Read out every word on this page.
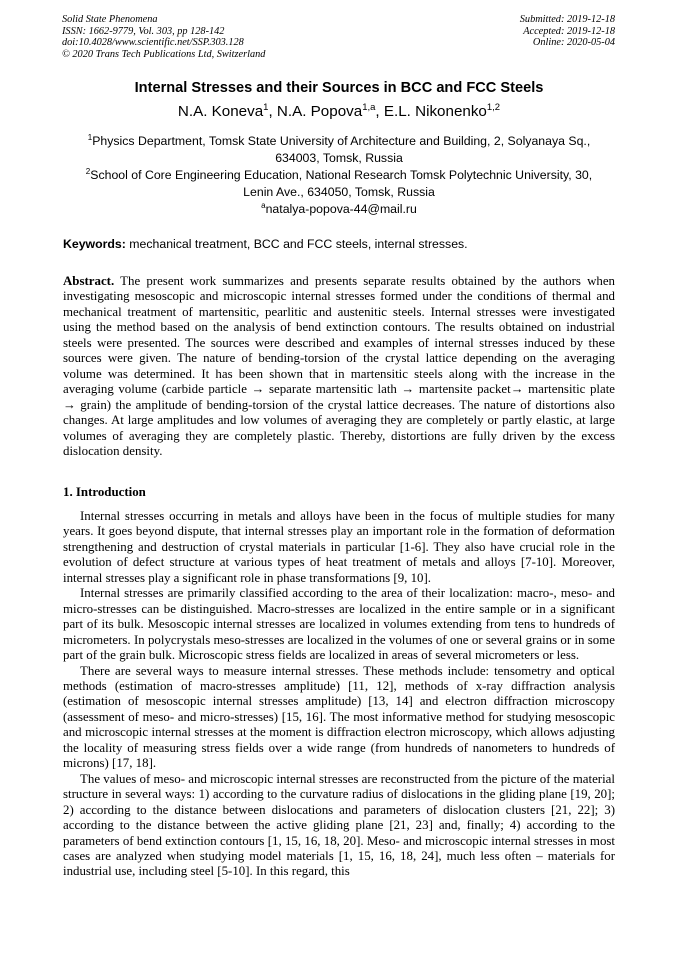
Solid State Phenomena
ISSN: 1662-9779, Vol. 303, pp 128-142
doi:10.4028/www.scientific.net/SSP.303.128
© 2020 Trans Tech Publications Ltd, Switzerland
Submitted: 2019-12-18
Accepted: 2019-12-18
Online: 2020-05-04
Internal Stresses and their Sources in BCC and FCC Steels
N.A. Koneva$^1$, N.A. Popova$^{1,a}$, E.L. Nikonenko$^{1,2}$
$^1$Physics Department, Tomsk State University of Architecture and Building, 2, Solyanaya Sq., 634003, Tomsk, Russia
$^2$School of Core Engineering Education, National Research Tomsk Polytechnic University, 30, Lenin Ave., 634050, Tomsk, Russia
$^a$natalya-popova-44@mail.ru
Keywords: mechanical treatment, BCC and FCC steels, internal stresses.
Abstract. The present work summarizes and presents separate results obtained by the authors when investigating mesoscopic and microscopic internal stresses formed under the conditions of thermal and mechanical treatment of martensitic, pearlitic and austenitic steels. Internal stresses were investigated using the method based on the analysis of bend extinction contours. The results obtained on industrial steels were presented. The sources were described and examples of internal stresses induced by these sources were given. The nature of bending-torsion of the crystal lattice depending on the averaging volume was determined. It has been shown that in martensitic steels along with the increase in the averaging volume (carbide particle → separate martensitic lath → martensite packet→ martensitic plate → grain) the amplitude of bending-torsion of the crystal lattice decreases. The nature of distortions also changes. At large amplitudes and low volumes of averaging they are completely or partly elastic, at large volumes of averaging they are completely plastic. Thereby, distortions are fully driven by the excess dislocation density.
1. Introduction

Internal stresses occurring in metals and alloys have been in the focus of multiple studies for many years. It goes beyond dispute, that internal stresses play an important role in the formation of deformation strengthening and destruction of crystal materials in particular [1-6]. They also have crucial role in the evolution of defect structure at various types of heat treatment of metals and alloys [7-10]. Moreover, internal stresses play a significant role in phase transformations [9, 10].

Internal stresses are primarily classified according to the area of their localization: macro-, meso- and micro-stresses can be distinguished. Macro-stresses are localized in the entire sample or in a significant part of its bulk. Mesoscopic internal stresses are localized in volumes extending from tens to hundreds of micrometers. In polycrystals meso-stresses are localized in the volumes of one or several grains or in some part of the grain bulk. Microscopic stress fields are localized in areas of several micrometers or less.

There are several ways to measure internal stresses. These methods include: tensometry and optical methods (estimation of macro-stresses amplitude) [11, 12], methods of x-ray diffraction analysis (estimation of mesoscopic internal stresses amplitude) [13, 14] and electron diffraction microscopy (assessment of meso- and micro-stresses) [15, 16]. The most informative method for studying mesoscopic and microscopic internal stresses at the moment is diffraction electron microscopy, which allows adjusting the locality of measuring stress fields over a wide range (from hundreds of nanometers to hundreds of microns) [17, 18].

The values of meso- and microscopic internal stresses are reconstructed from the picture of the material structure in several ways: 1) according to the curvature radius of dislocations in the gliding plane [19, 20]; 2) according to the distance between dislocations and parameters of dislocation clusters [21, 22]; 3) according to the distance between the active gliding plane [21, 23] and, finally; 4) according to the parameters of bend extinction contours [1, 15, 16, 18, 20]. Meso- and microscopic internal stresses in most cases are analyzed when studying model materials [1, 15, 16, 18, 24], much less often – materials for industrial use, including steel [5-10]. In this regard, this
